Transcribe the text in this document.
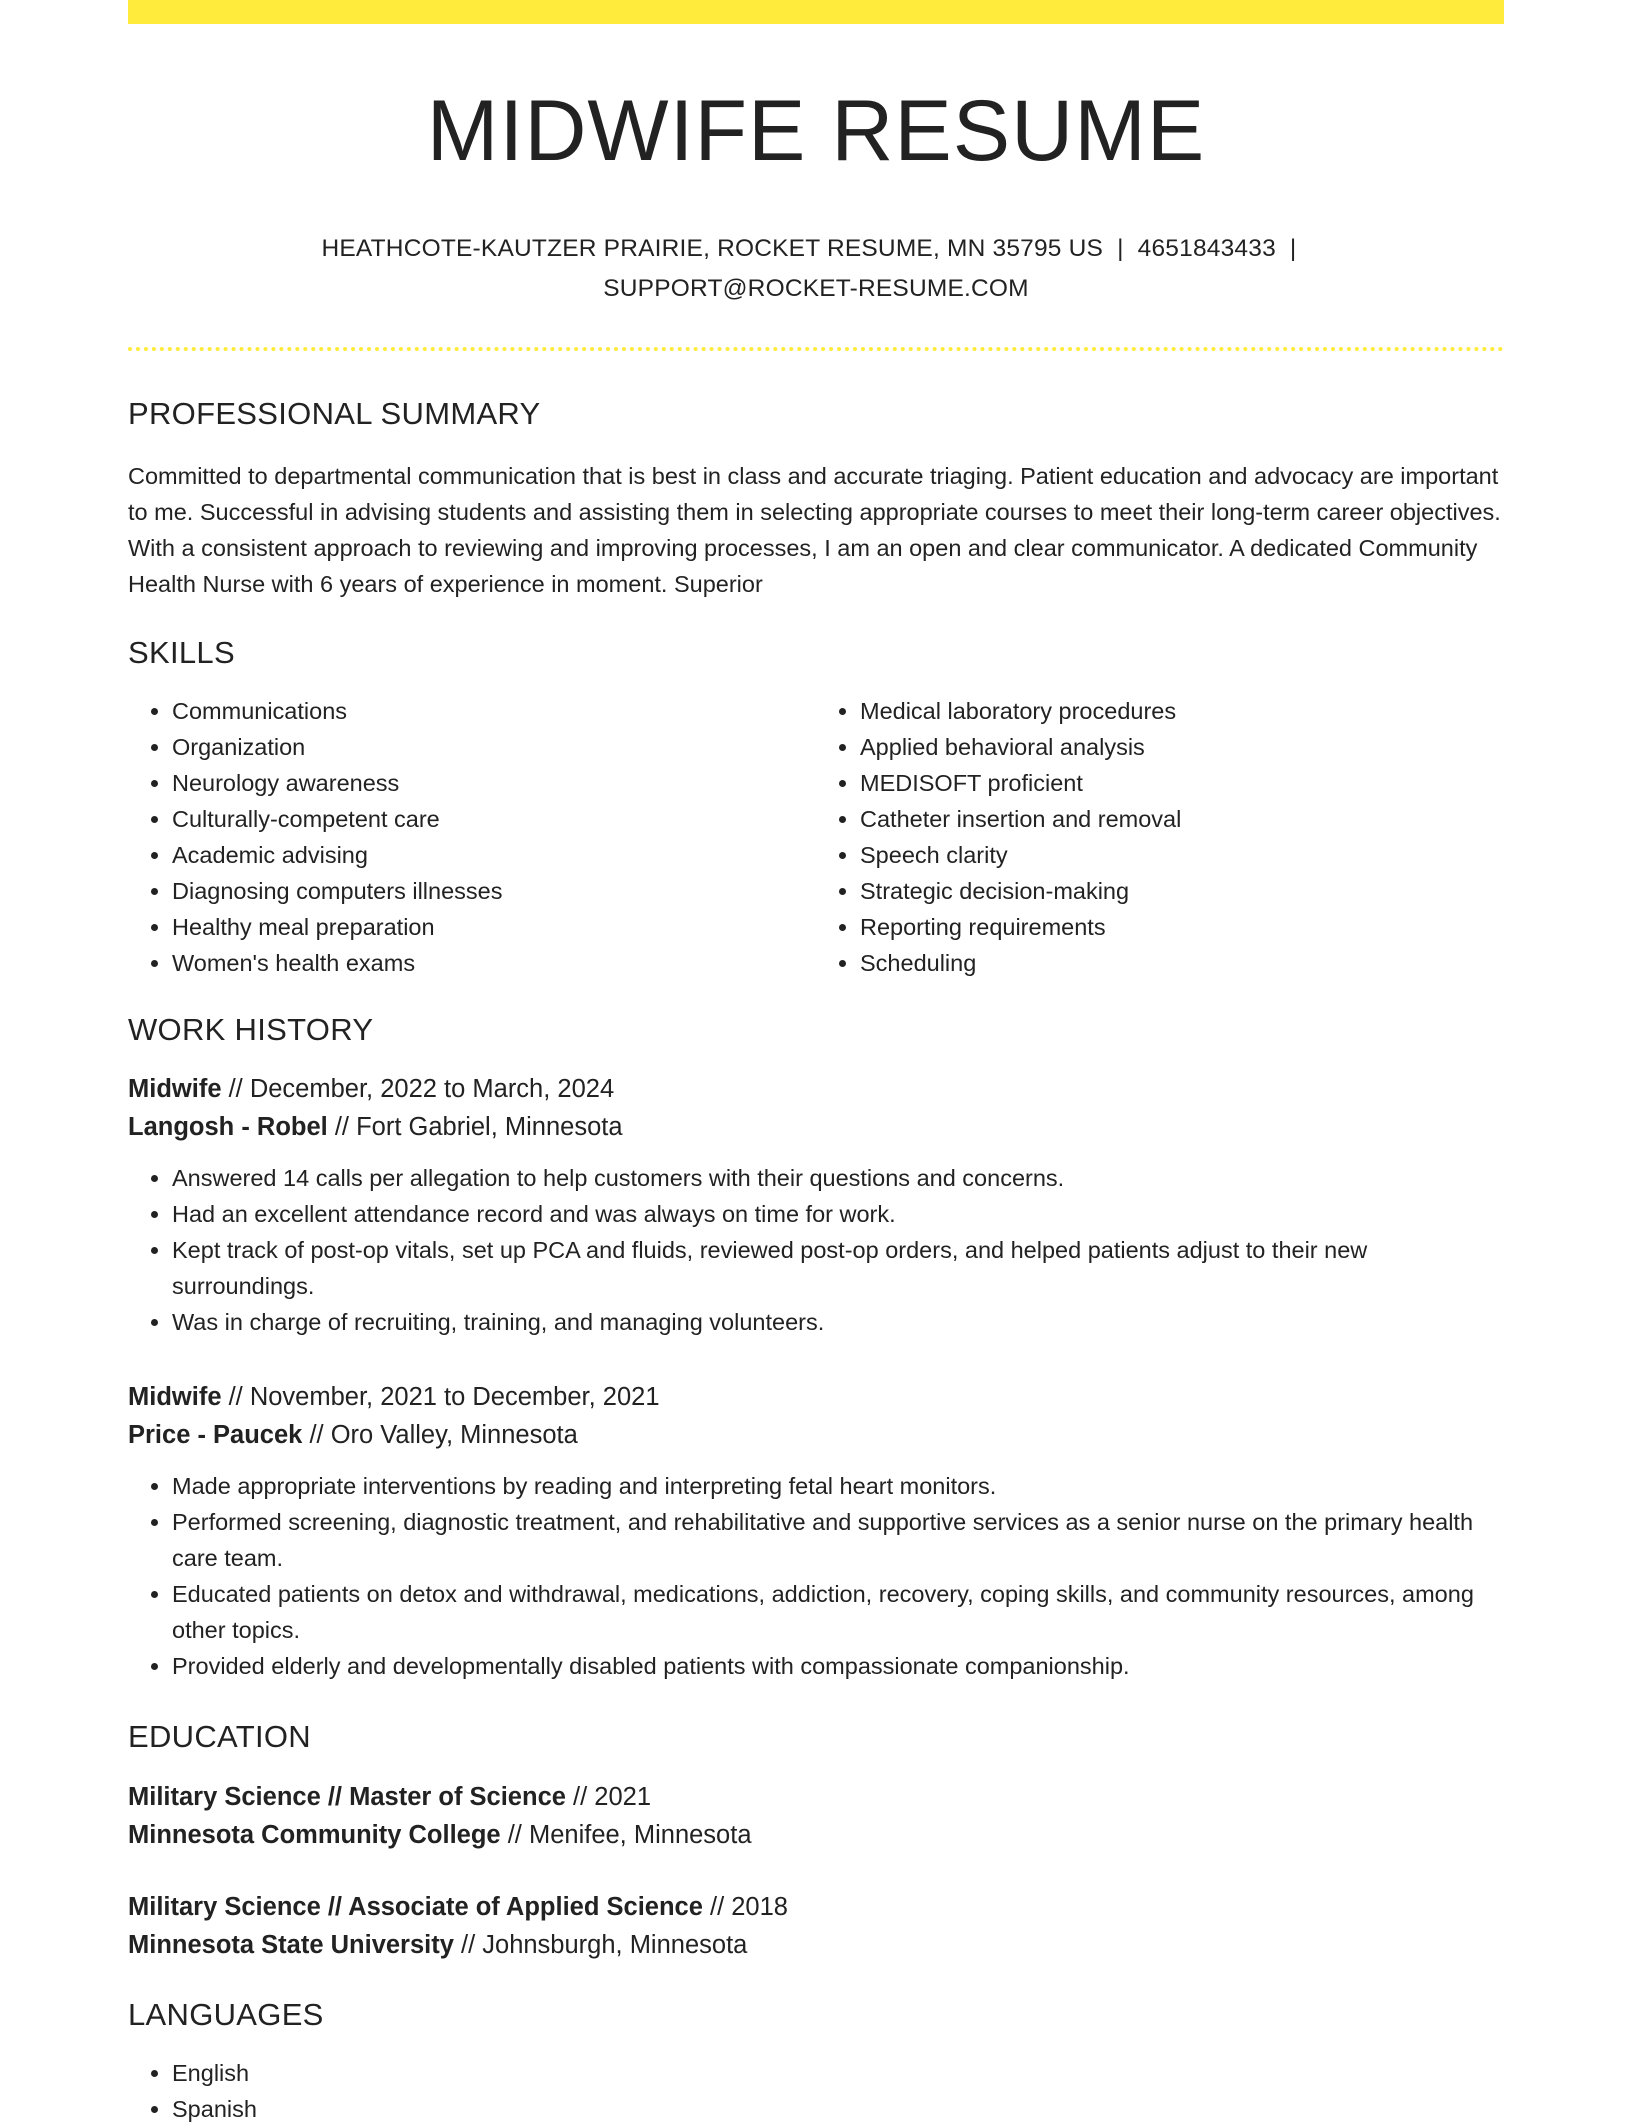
MIDWIFE RESUME
HEATHCOTE-KAUTZER PRAIRIE, ROCKET RESUME, MN 35795 US | 4651843433 |
SUPPORT@ROCKET-RESUME.COM
PROFESSIONAL SUMMARY
Committed to departmental communication that is best in class and accurate triaging. Patient education and advocacy are important to me. Successful in advising students and assisting them in selecting appropriate courses to meet their long-term career objectives. With a consistent approach to reviewing and improving processes, I am an open and clear communicator. A dedicated Community Health Nurse with 6 years of experience in moment. Superior
SKILLS
• Communications
• Organization
• Neurology awareness
• Culturally-competent care
• Academic advising
• Diagnosing computers illnesses
• Healthy meal preparation
• Women's health exams
• Medical laboratory procedures
• Applied behavioral analysis
• MEDISOFT proficient
• Catheter insertion and removal
• Speech clarity
• Strategic decision-making
• Reporting requirements
• Scheduling
WORK HISTORY
Midwife // December, 2022 to March, 2024
Langosh - Robel // Fort Gabriel, Minnesota
• Answered 14 calls per allegation to help customers with their questions and concerns.
• Had an excellent attendance record and was always on time for work.
• Kept track of post-op vitals, set up PCA and fluids, reviewed post-op orders, and helped patients adjust to their new surroundings.
• Was in charge of recruiting, training, and managing volunteers.
Midwife // November, 2021 to December, 2021
Price - Paucek // Oro Valley, Minnesota
• Made appropriate interventions by reading and interpreting fetal heart monitors.
• Performed screening, diagnostic treatment, and rehabilitative and supportive services as a senior nurse on the primary health care team.
• Educated patients on detox and withdrawal, medications, addiction, recovery, coping skills, and community resources, among other topics.
• Provided elderly and developmentally disabled patients with compassionate companionship.
EDUCATION
Military Science // Master of Science // 2021
Minnesota Community College // Menifee, Minnesota
Military Science // Associate of Applied Science // 2018
Minnesota State University // Johnsburgh, Minnesota
LANGUAGES
• English
• Spanish
